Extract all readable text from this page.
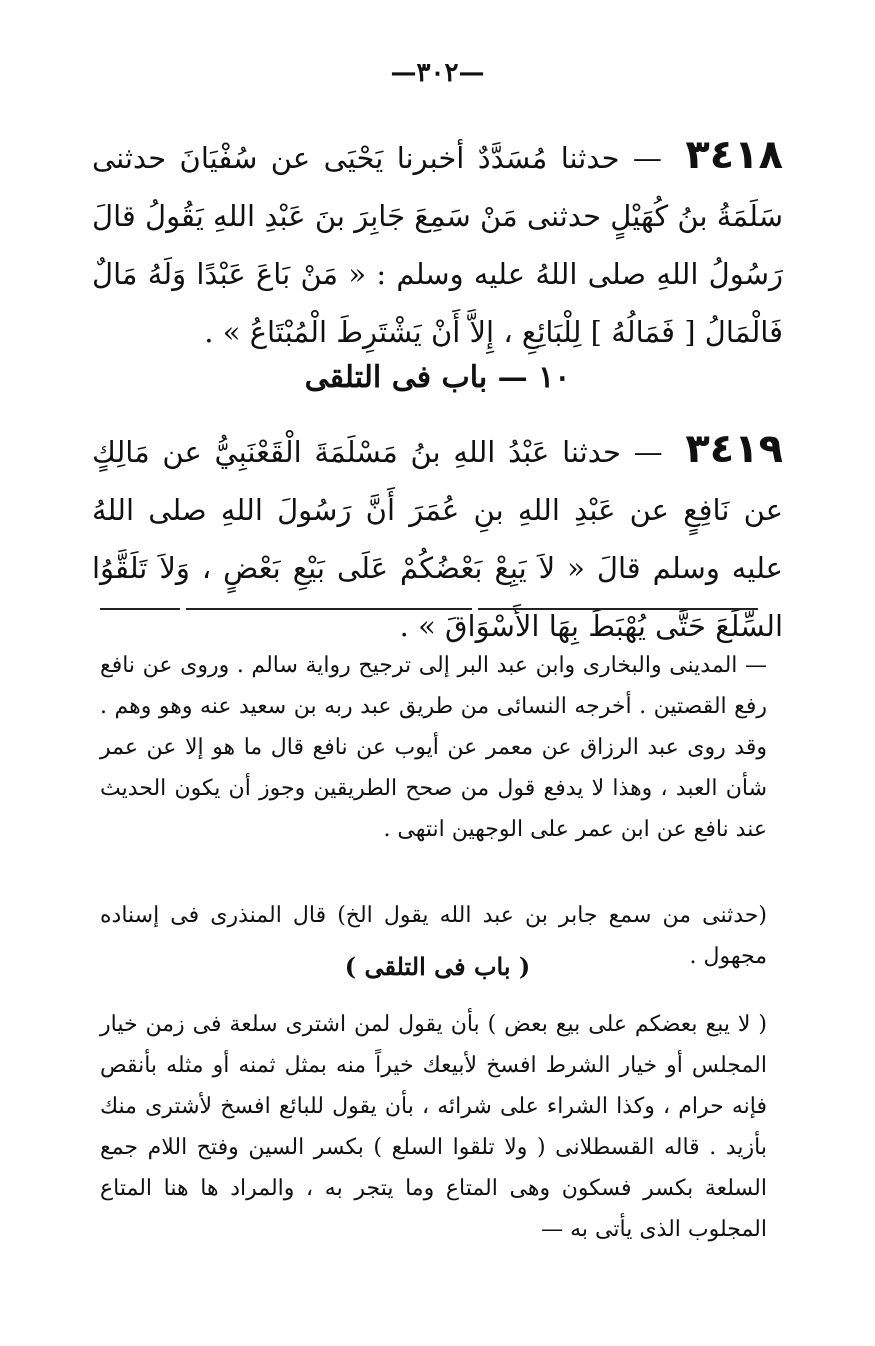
—٣٠٢—
٣٤١٨ — حدثنا مُسَدَّدٌ أخبرنا يَحْيَى عن سُفْيَانَ حدثنى سَلَمَةُ بنُ كُهَيْلٍ حدثنى مَنْ سَمِعَ جَابِرَ بنَ عَبْدِ اللهِ يَقُولُ قالَ رَسُولُ اللهِ صلى اللهُ عليه وسلم : « مَنْ بَاعَ عَبْدًا وَلَهُ مَالٌ فَالْمَالُ [ فَمَالُهُ ] لِلْبَائِعِ ، إِلاَّ أَنْ يَشْتَرِطَ الْمُبْتَاعُ » .
١٠ — باب فى التلقى
٣٤١٩ — حدثنا عَبْدُ اللهِ بنُ مَسْلَمَةَ الْقَعْنَبِيُّ عن مَالِكٍ عن نَافِعٍ عن عَبْدِ اللهِ بنِ عُمَرَ أَنَّ رَسُولَ اللهِ صلى اللهُ عليه وسلم قالَ « لاَ يَبِعْ بَعْضُكُمْ عَلَى بَيْعِ بَعْضٍ ، وَلاَ تَلَقَّوُا السِّلَعَ حَتَّى يُهْبَطَ بِهَا الأَسْوَاقَ » .
— المدينى والبخارى وابن عبد البر إلى ترجيح رواية سالم . وروى عن نافع رفع القصتين . أخرجه النسائى من طريق عبد ربه بن سعيد عنه وهو وهم . وقد روى عبد الرزاق عن معمر عن أيوب عن نافع قال ما هو إلا عن عمر شأن العبد ، وهذا لا يدفع قول من صحح الطريقين وجوز أن يكون الحديث عند نافع عن ابن عمر على الوجهين انتهى .
(حدثنى من سمع جابر بن عبد الله يقول الخ) قال المنذرى فى إسناده مجهول .
( باب فى التلقى )
( لا يبع بعضكم على بيع بعض ) بأن يقول لمن اشترى سلعة فى زمن خيار المجلس أو خيار الشرط افسخ لأبيعك خيراً منه بمثل ثمنه أو مثله بأنقص فإنه حرام ، وكذا الشراء على شرائه ، بأن يقول للبائع افسخ لأشترى منك بأزيد . قاله القسطلانى ( ولا تلقوا السلع ) بكسر السين وفتح اللام جمع السلعة بكسر فسكون وهى المتاع وما يتجر به ، والمراد ها هنا المتاع المجلوب الذى يأتى به —
